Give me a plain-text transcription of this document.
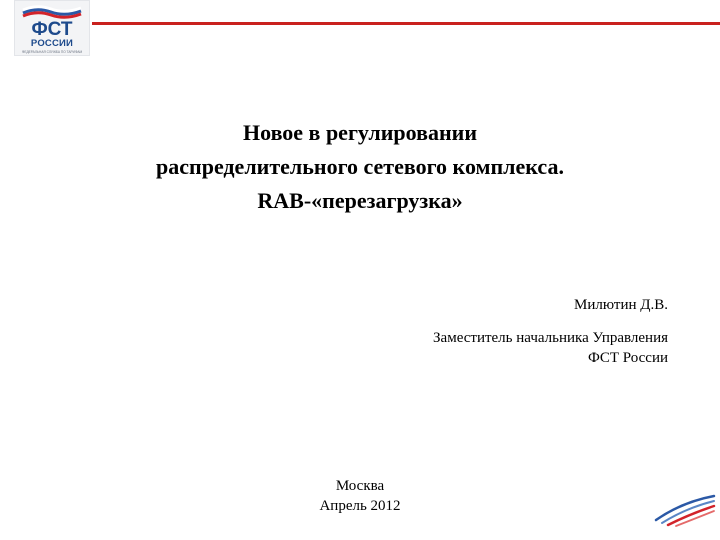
ФСТ
РОССИИ
ФЕДЕРАЛЬНАЯ СЛУЖБА ПО ТАРИФАМ
Новое в регулировании
распределительного сетевого комплекса.
RAB-«перезагрузка»
Милютин Д.В.
Заместитель начальника Управления
ФСТ России
Москва
Апрель 2012
